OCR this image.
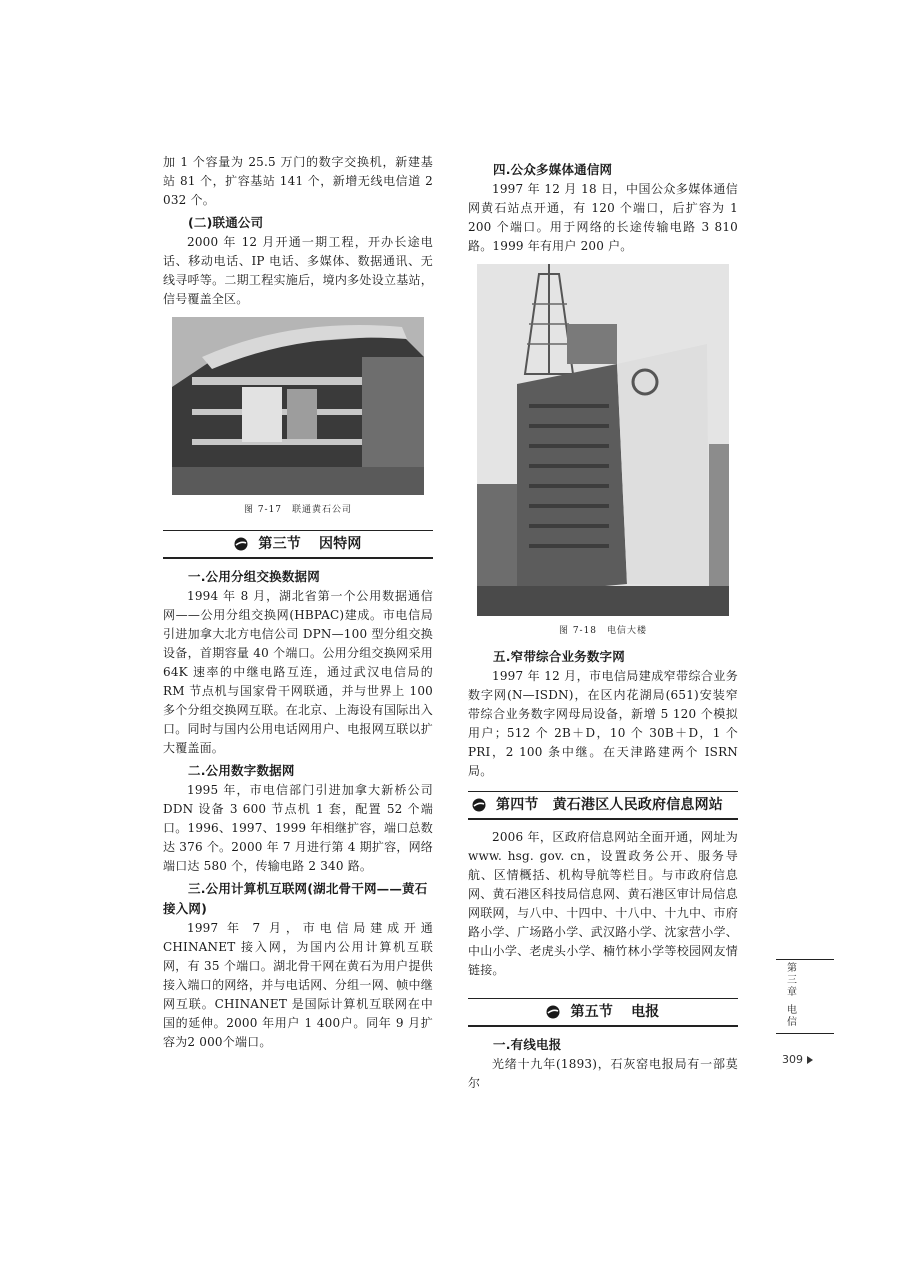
加 1 个容量为 25.5 万门的数字交换机，新建基站 81 个，扩容基站 141 个，新增无线电信道 2 032 个。

(二)联通公司

2000 年 12 月开通一期工程，开办长途电话、移动电话、IP 电话、多媒体、数据通讯、无线寻呼等。二期工程实施后，境内多处设立基站，信号覆盖全区。

图 7-17　联通黄石公司
第三节 因特网
一.公用分组交换数据网

1994 年 8 月，湖北省第一个公用数据通信网——公用分组交换网(HBPAC)建成。市电信局引进加拿大北方电信公司 DPN—100 型分组交换设备，首期容量 40 个端口。公用分组交换网采用 64K 速率的中继电路互连，通过武汉电信局的 RM 节点机与国家骨干网联通，并与世界上 100 多个分组交换网互联。在北京、上海设有国际出入口。同时与国内公用电话网用户、电报网互联以扩大覆盖面。

二.公用数字数据网

1995 年，市电信部门引进加拿大新桥公司 DDN 设备 3 600 节点机 1 套，配置 52 个端口。1996、1997、1999 年相继扩容，端口总数达 376 个。2000 年 7 月进行第 4 期扩容，网络端口达 580 个，传输电路 2 340 路。

三.公用计算机互联网(湖北骨干网——黄石接入网)

1997 年 7 月，市电信局建成开通 CHINANET 接入网，为国内公用计算机互联网，有 35 个端口。湖北骨干网在黄石为用户提供接入端口的网络，并与电话网、分组一网、帧中继网互联。CHINANET 是国际计算机互联网在中国的延伸。2000 年用户 1 400户。同年 9 月扩容为2 000个端口。

四.公众多媒体通信网

1997 年 12 月 18 日，中国公众多媒体通信网黄石站点开通，有 120 个端口，后扩容为 1 200 个端口。用于网络的长途传输电路 3 810 路。1999 年有用户 200 户。

图 7-18　电信大楼
五.窄带综合业务数字网

1997 年 12 月，市电信局建成窄带综合业务数字网(N—ISDN)，在区内花湖局(651)安装窄带综合业务数字网母局设备，新增 5 120 个模拟用户；512 个 2B＋D，10 个 30B＋D，1 个 PRI，2 100 条中继。在天津路建两个 ISRN 局。

第四节 黄石港区人民政府信息网站

2006 年，区政府信息网站全面开通，网址为 www. hsg. gov. cn，设置政务公开、服务导航、区情概括、机构导航等栏目。与市政府信息网、黄石港区科技局信息网、黄石港区审计局信息网联网，与八中、十四中、十八中、十九中、市府路小学、广场路小学、武汉路小学、沈家营小学、中山小学、老虎头小学、楠竹林小学等校园网友情链接。

第五节 电报
一.有线电报

光绪十九年(1893)，石灰窑电报局有一部莫尔

第
三
章
电
信
309
